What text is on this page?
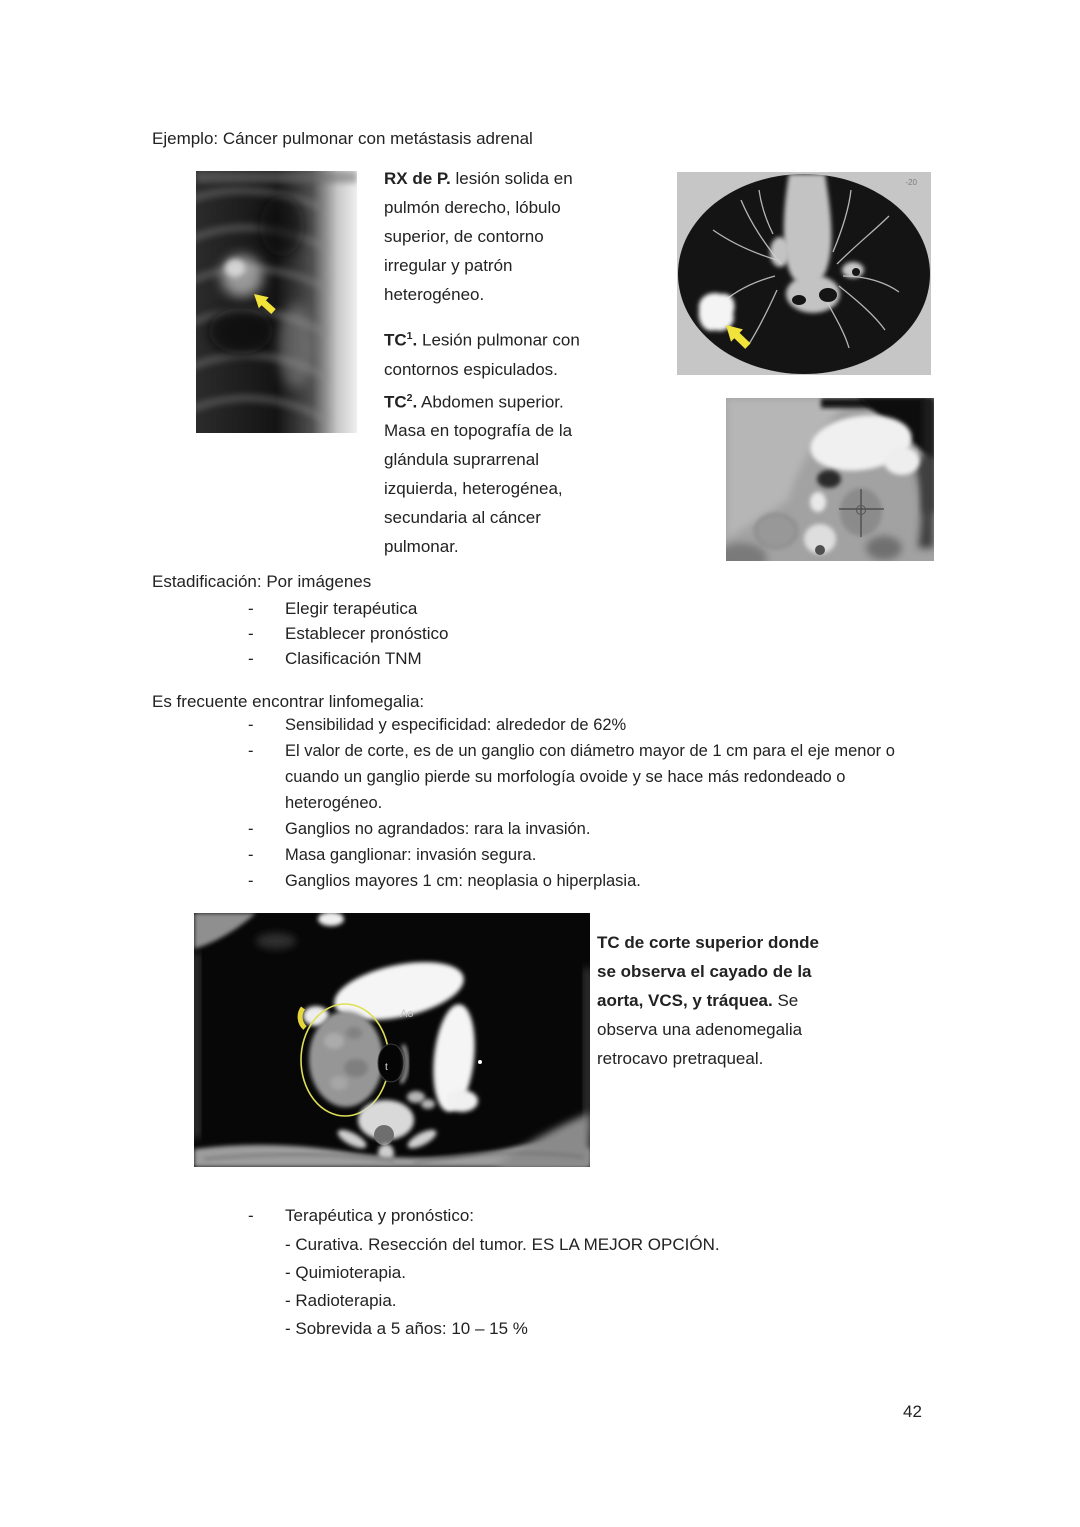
Ejemplo: Cáncer pulmonar con metástasis adrenal

RX de P. lesión solida en pulmón derecho, lóbulo superior, de contorno irregular y patrón heterogéneo.

$TC^1$. Lesión pulmonar con contornos espiculados.

$TC^2$. Abdomen superior. Masa en topografía de la glándula suprarrenal izquierda, heterogénea, secundaria al cáncer pulmonar.

-20
Estadificación: Por imágenes
-	Elegir terapéutica
-	Establecer pronóstico
-	Clasificación TNM
Es frecuente encontrar linfomegalia:
-	Sensibilidad y especificidad: alrededor de 62%
-	El valor de corte, es de un ganglio con diámetro mayor de 1 cm para el eje menor o cuando un ganglio pierde su morfología ovoide y se hace más redondeado o heterogéneo.
-	Ganglios no agrandados: rara la invasión.
-	Masa ganglionar: invasión segura.
-	Ganglios mayores 1 cm: neoplasia o hiperplasia.
Ao
t
TC de corte superior donde se observa el cayado de la aorta, VCS, y tráquea. Se observa una adenomegalia retrocavo pretraqueal.
-	Terapéutica y pronóstico:
- Curativa. Resección del tumor. ES LA MEJOR OPCIÓN.
- Quimioterapia.
- Radioterapia.
- Sobrevida a 5 años: 10 – 15 %
42
